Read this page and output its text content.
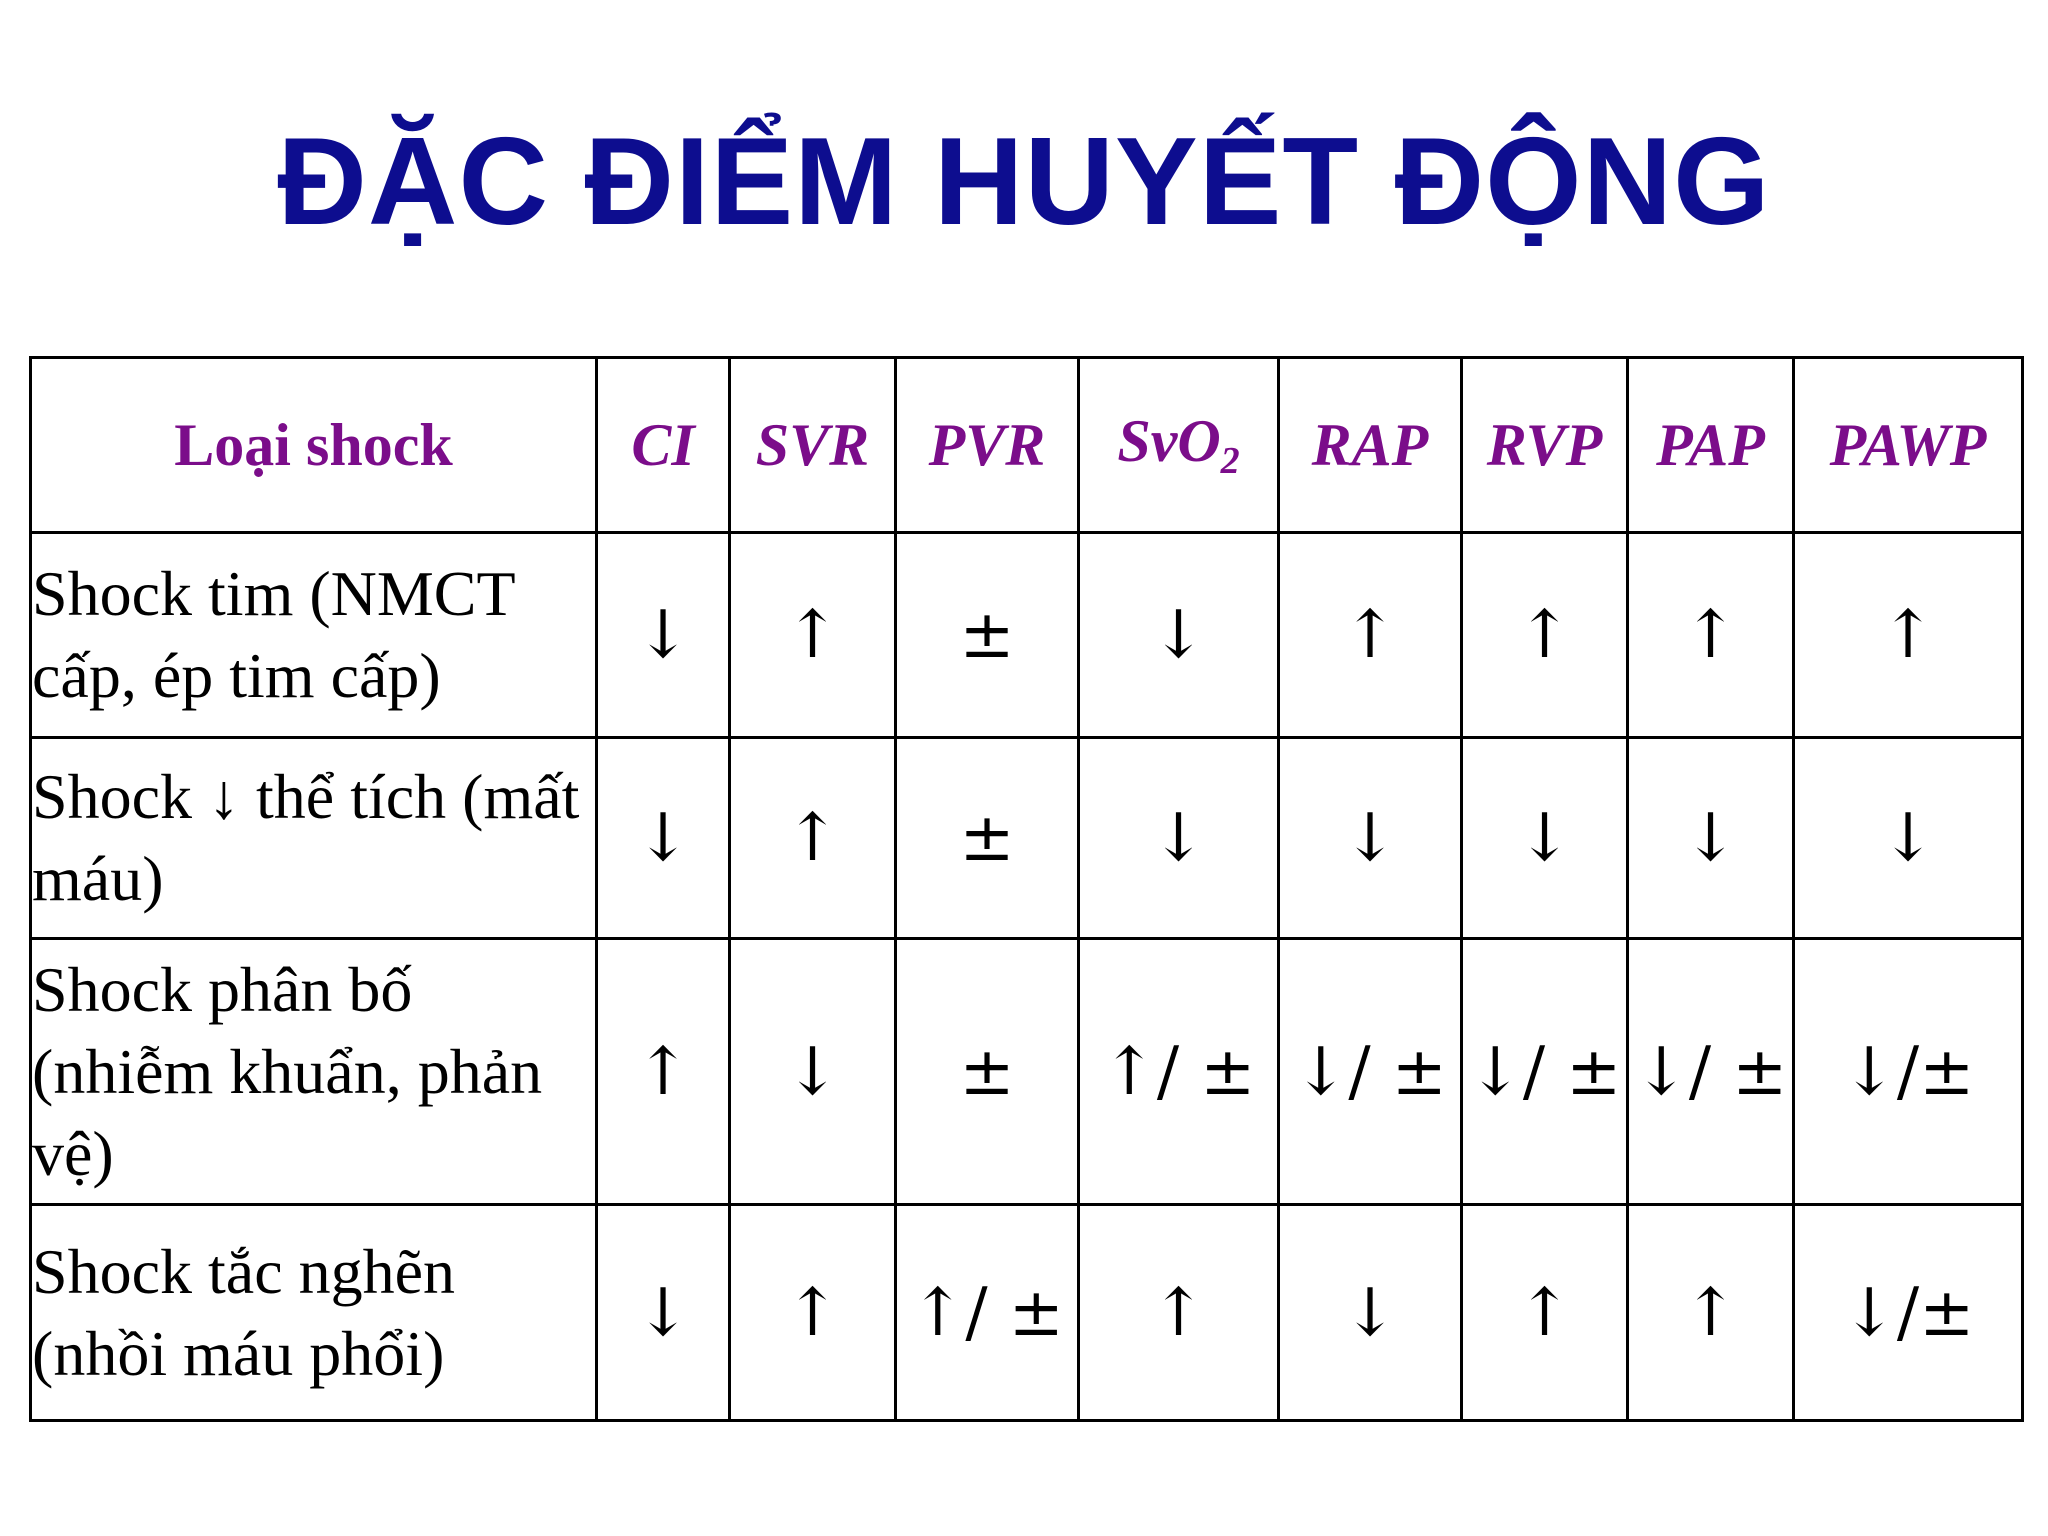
ĐẶC ĐIỂM HUYẾT ĐỘNG
Loại shock	CI	SVR	PVR	SvO$_2$	RAP	RVP	PAP	PAWP
Shock tim (NMCT cấp, ép tim cấp)	↓	↑	±	↓	↑	↑	↑	↑
Shock ↓ thể tích (mất máu)	↓	↑	±	↓	↓	↓	↓	↓
Shock phân bố (nhiễm khuẩn, phản vệ)	↑	↓	±	↑/ ±	↓/ ±	↓/ ±	↓/ ±	↓/±
Shock tắc nghẽn (nhồi máu phổi)	↓	↑	↑/ ±	↑	↓	↑	↑	↓/±
